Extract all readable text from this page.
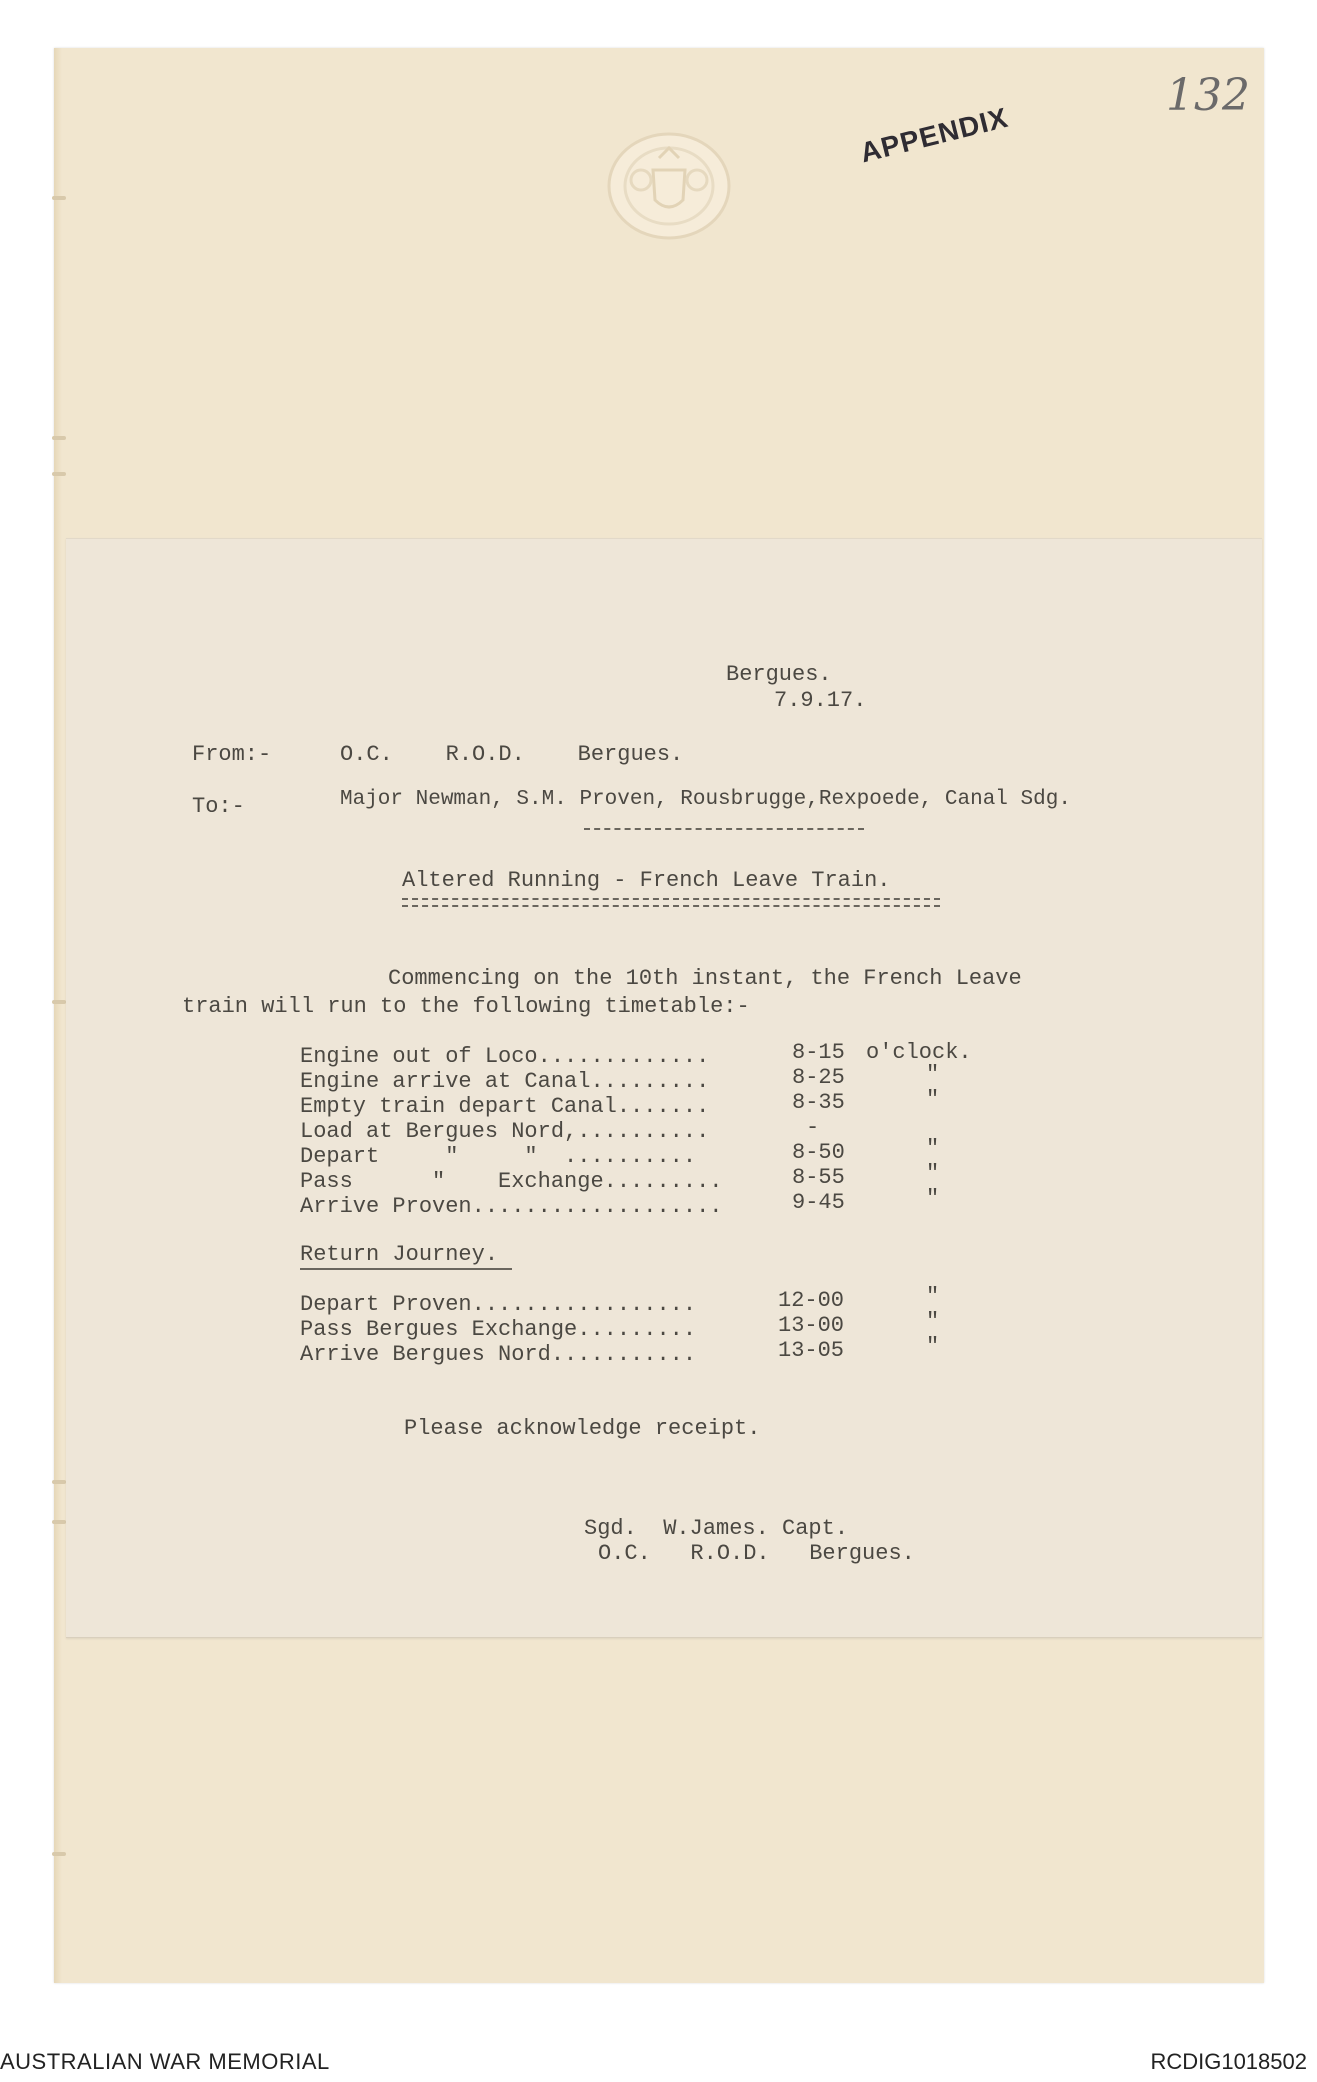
APPENDIX
132
Bergues.
7.9.17.
From:-	O.C.    R.O.D.    Bergues.
To:-	Major Newman, S.M. Proven, Rousbrugge,Rexpoede, Canal Sdg.
Altered Running - French Leave Train.
Commencing on the 10th instant, the French Leave
train will run to the following timetable:-
Engine out of Loco.............	8-15 o'clock.
Engine arrive at Canal.........	8-25	"
Empty train depart Canal.......	8-35	"
Load at Bergues Nord,..........	-
Depart     "     "  ..........	8-50	"
Pass      "    Exchange.........	8-55	"
Arrive Proven...................	9-45	"
Return Journey.
Depart Proven.................	12-00	"
Pass Bergues Exchange.........	13-00	"
Arrive Bergues Nord...........	13-05	"
Please acknowledge receipt.
Sgd.  W.James. Capt.
O.C.   R.O.D.   Bergues.
AUSTRALIAN WAR MEMORIAL	RCDIG1018502
